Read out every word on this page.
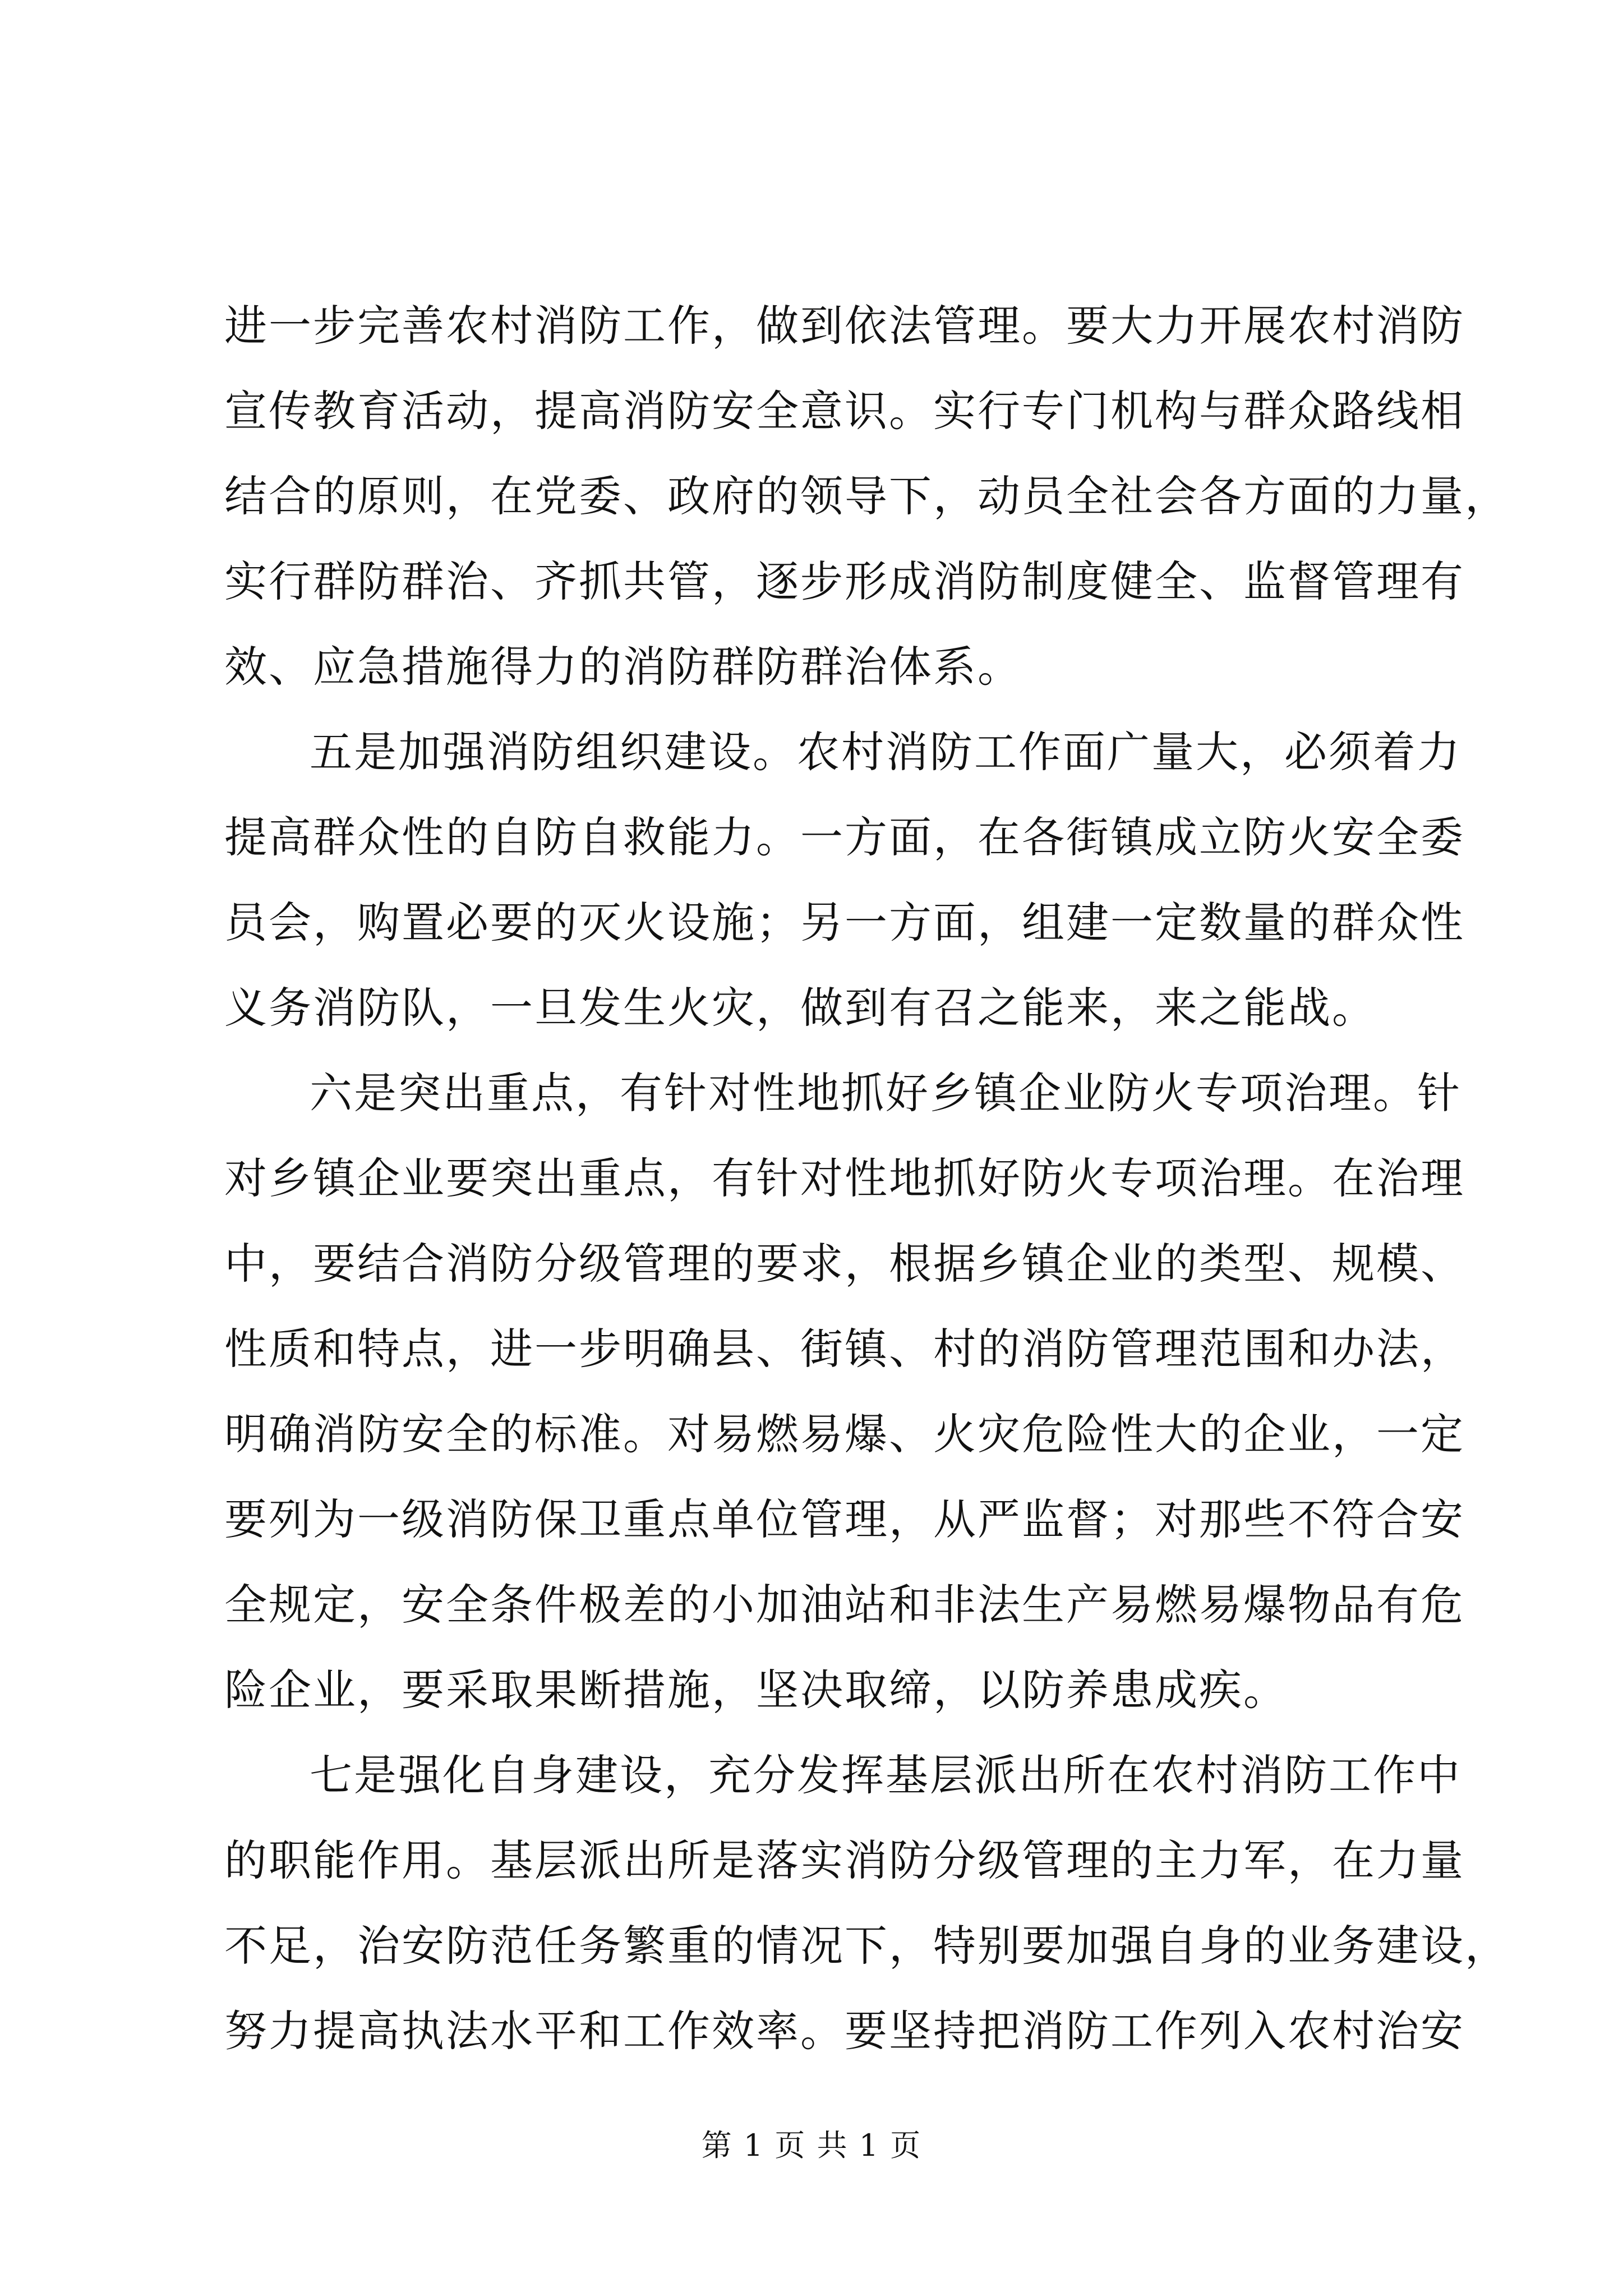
进一步完善农村消防工作，做到依法管理。要大力开展农村消防
宣传教育活动，提高消防安全意识。实行专门机构与群众路线相
结合的原则，在党委、政府的领导下，动员全社会各方面的力量，
实行群防群治、齐抓共管，逐步形成消防制度健全、监督管理有
效、应急措施得力的消防群防群治体系。
五是加强消防组织建设。农村消防工作面广量大，必须着力
提高群众性的自防自救能力。一方面，在各街镇成立防火安全委
员会，购置必要的灭火设施；另一方面，组建一定数量的群众性
义务消防队，一旦发生火灾，做到有召之能来，来之能战。
六是突出重点，有针对性地抓好乡镇企业防火专项治理。针
对乡镇企业要突出重点，有针对性地抓好防火专项治理。在治理
中，要结合消防分级管理的要求，根据乡镇企业的类型、规模、
性质和特点，进一步明确县、街镇、村的消防管理范围和办法，
明确消防安全的标准。对易燃易爆、火灾危险性大的企业，一定
要列为一级消防保卫重点单位管理，从严监督；对那些不符合安
全规定，安全条件极差的小加油站和非法生产易燃易爆物品有危
险企业，要采取果断措施，坚决取缔，以防养患成疾。
七是强化自身建设，充分发挥基层派出所在农村消防工作中
的职能作用。基层派出所是落实消防分级管理的主力军，在力量
不足，治安防范任务繁重的情况下，特别要加强自身的业务建设，
努力提高执法水平和工作效率。要坚持把消防工作列入农村治安
第 1 页 共 1 页
